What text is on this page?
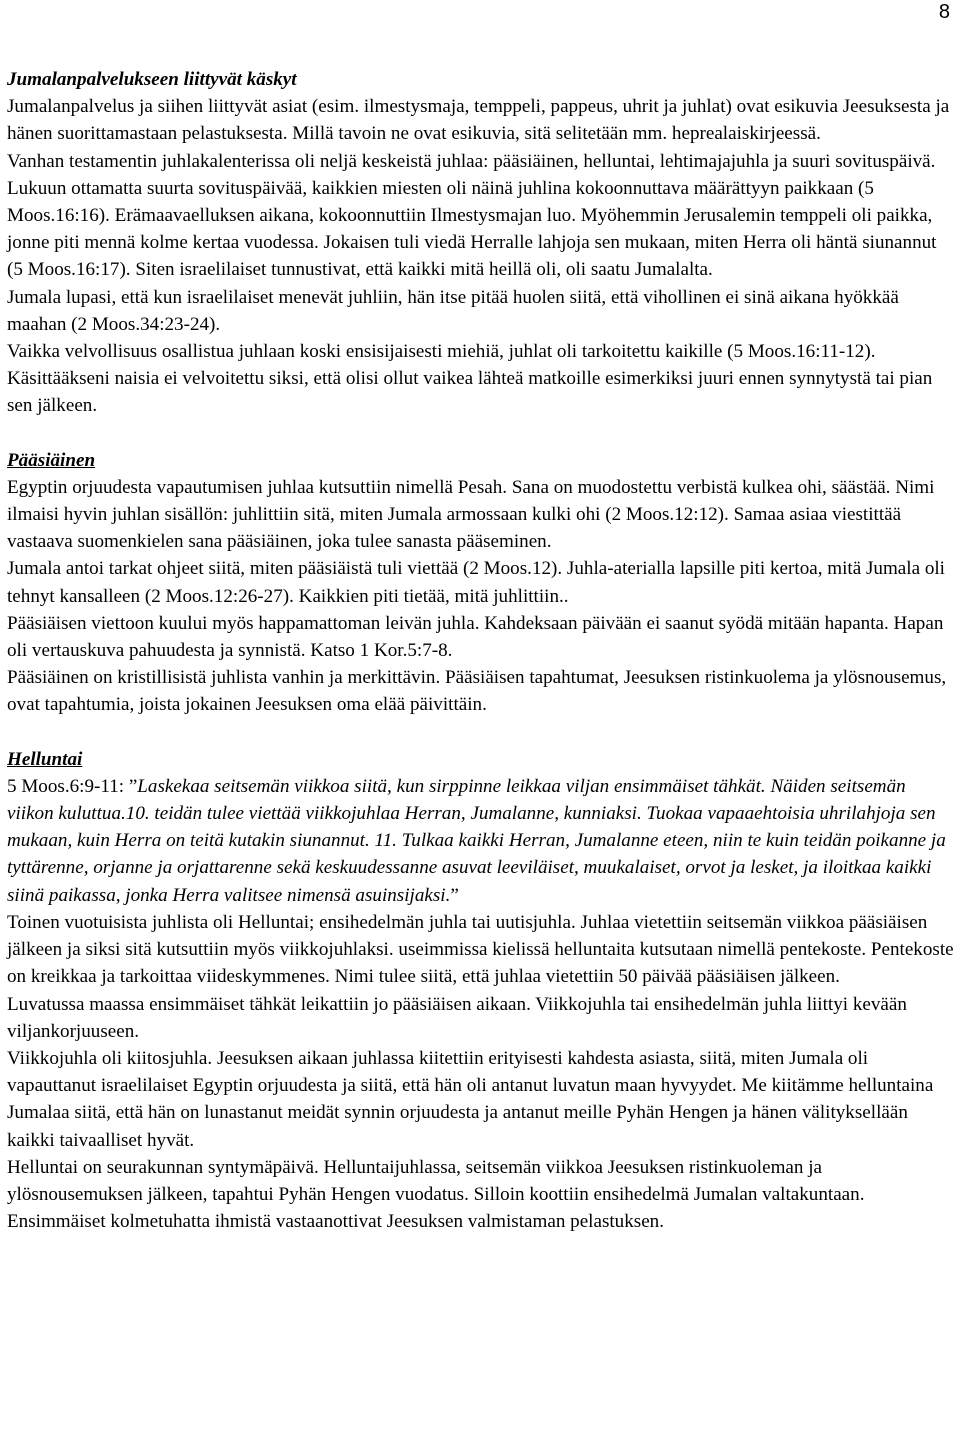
8

Jumalanpalvelukseen liittyvät käskyt

Jumalanpalvelus ja siihen liittyvät asiat (esim. ilmestysmaja, temppeli, pappeus, uhrit ja juhlat) ovat esikuvia Jeesuksesta ja hänen suorittamastaan pelastuksesta. Millä tavoin ne ovat esikuvia, sitä selitetään mm. heprealaiskirjeessä.

Vanhan testamentin juhlakalenterissa oli neljä keskeistä juhlaa: pääsiäinen, helluntai, lehtimajajuhla ja suuri sovituspäivä. Lukuun ottamatta suurta sovituspäivää, kaikkien miesten oli näinä juhlina kokoonnuttava määrättyyn paikkaan (5 Moos.16:16). Erämaavaelluksen aikana, kokoonnuttiin Ilmestysmajan luo. Myöhemmin Jerusalemin temppeli oli paikka, jonne piti mennä kolme kertaa vuodessa. Jokaisen tuli viedä Herralle lahjoja sen mukaan, miten Herra oli häntä siunannut (5 Moos.16:17). Siten israelilaiset tunnustivat, että kaikki mitä heillä oli, oli saatu Jumalalta.

Jumala lupasi, että kun israelilaiset menevät juhliin, hän itse pitää huolen siitä, että vihollinen ei sinä aikana hyökkää maahan (2 Moos.34:23-24).

Vaikka velvollisuus osallistua juhlaan koski ensisijaisesti miehiä, juhlat oli tarkoitettu kaikille (5 Moos.16:11-12). Käsittääkseni naisia ei velvoitettu siksi, että olisi ollut vaikea lähteä matkoille esimerkiksi juuri ennen synnytystä tai pian sen jälkeen.

Pääsiäinen

Egyptin orjuudesta vapautumisen juhlaa kutsuttiin nimellä Pesah. Sana on muodostettu verbistä kulkea ohi, säästää. Nimi ilmaisi hyvin juhlan sisällön: juhlittiin sitä, miten Jumala armossaan kulki ohi (2 Moos.12:12). Samaa asiaa viestittää vastaava suomenkielen sana pääsiäinen, joka tulee sanasta pääseminen.

Jumala antoi tarkat ohjeet siitä, miten pääsiäistä tuli viettää (2 Moos.12). Juhla-aterialla lapsille piti kertoa, mitä Jumala oli tehnyt kansalleen (2 Moos.12:26-27). Kaikkien piti tietää, mitä juhlittiin..

Pääsiäisen viettoon kuului myös happamattoman leivän juhla. Kahdeksaan päivään ei saanut syödä mitään hapanta. Hapan oli vertauskuva pahuudesta ja synnistä. Katso 1 Kor.5:7-8.

Pääsiäinen on kristillisistä juhlista vanhin ja merkittävin. Pääsiäisen tapahtumat, Jeesuksen ristinkuolema ja ylösnousemus, ovat tapahtumia, joista jokainen Jeesuksen oma elää päivittäin.

Helluntai

5 Moos.6:9-11: ”Laskekaa seitsemän viikkoa siitä, kun sirppinne leikkaa viljan ensimmäiset tähkät. Näiden seitsemän viikon kuluttua.10. teidän tulee viettää viikkojuhlaa Herran, Jumalanne, kunniaksi. Tuokaa vapaaehtoisia uhrilahjoja sen mukaan, kuin Herra on teitä kutakin siunannut. 11. Tulkaa kaikki Herran, Jumalanne eteen, niin te kuin teidän poikanne ja tyttärenne, orjanne ja orjattarenne sekä keskuudessanne asuvat leeviläiset, muukalaiset, orvot ja lesket, ja iloitkaa kaikki siinä paikassa, jonka Herra valitsee nimensä asuinsijaksi.”

Toinen vuotuisista juhlista oli Helluntai; ensihedelmän juhla tai uutisjuhla. Juhlaa vietettiin seitsemän viikkoa pääsiäisen jälkeen ja siksi sitä kutsuttiin myös viikkojuhlaksi. useimmissa kielissä helluntaita kutsutaan nimellä pentekoste. Pentekoste on kreikkaa ja tarkoittaa viideskymmenes. Nimi tulee siitä, että juhlaa vietettiin 50 päivää pääsiäisen jälkeen.

Luvatussa maassa ensimmäiset tähkät leikattiin jo pääsiäisen aikaan. Viikkojuhla tai ensihedelmän juhla liittyi kevään viljankorjuuseen.

Viikkojuhla oli kiitosjuhla. Jeesuksen aikaan juhlassa kiitettiin erityisesti kahdesta asiasta, siitä, miten Jumala oli vapauttanut israelilaiset Egyptin orjuudesta ja siitä, että hän oli antanut luvatun maan hyvyydet. Me kiitämme helluntaina Jumalaa siitä, että hän on lunastanut meidät synnin orjuudesta ja antanut meille Pyhän Hengen ja hänen välityksellään kaikki taivaalliset hyvät.

Helluntai on seurakunnan syntymäpäivä. Helluntaijuhlassa, seitsemän viikkoa Jeesuksen ristinkuoleman ja ylösnousemuksen jälkeen, tapahtui Pyhän Hengen vuodatus. Silloin koottiin ensihedelmä Jumalan valtakuntaan. Ensimmäiset kolmetuhatta ihmistä vastaanottivat Jeesuksen valmistaman pelastuksen.
